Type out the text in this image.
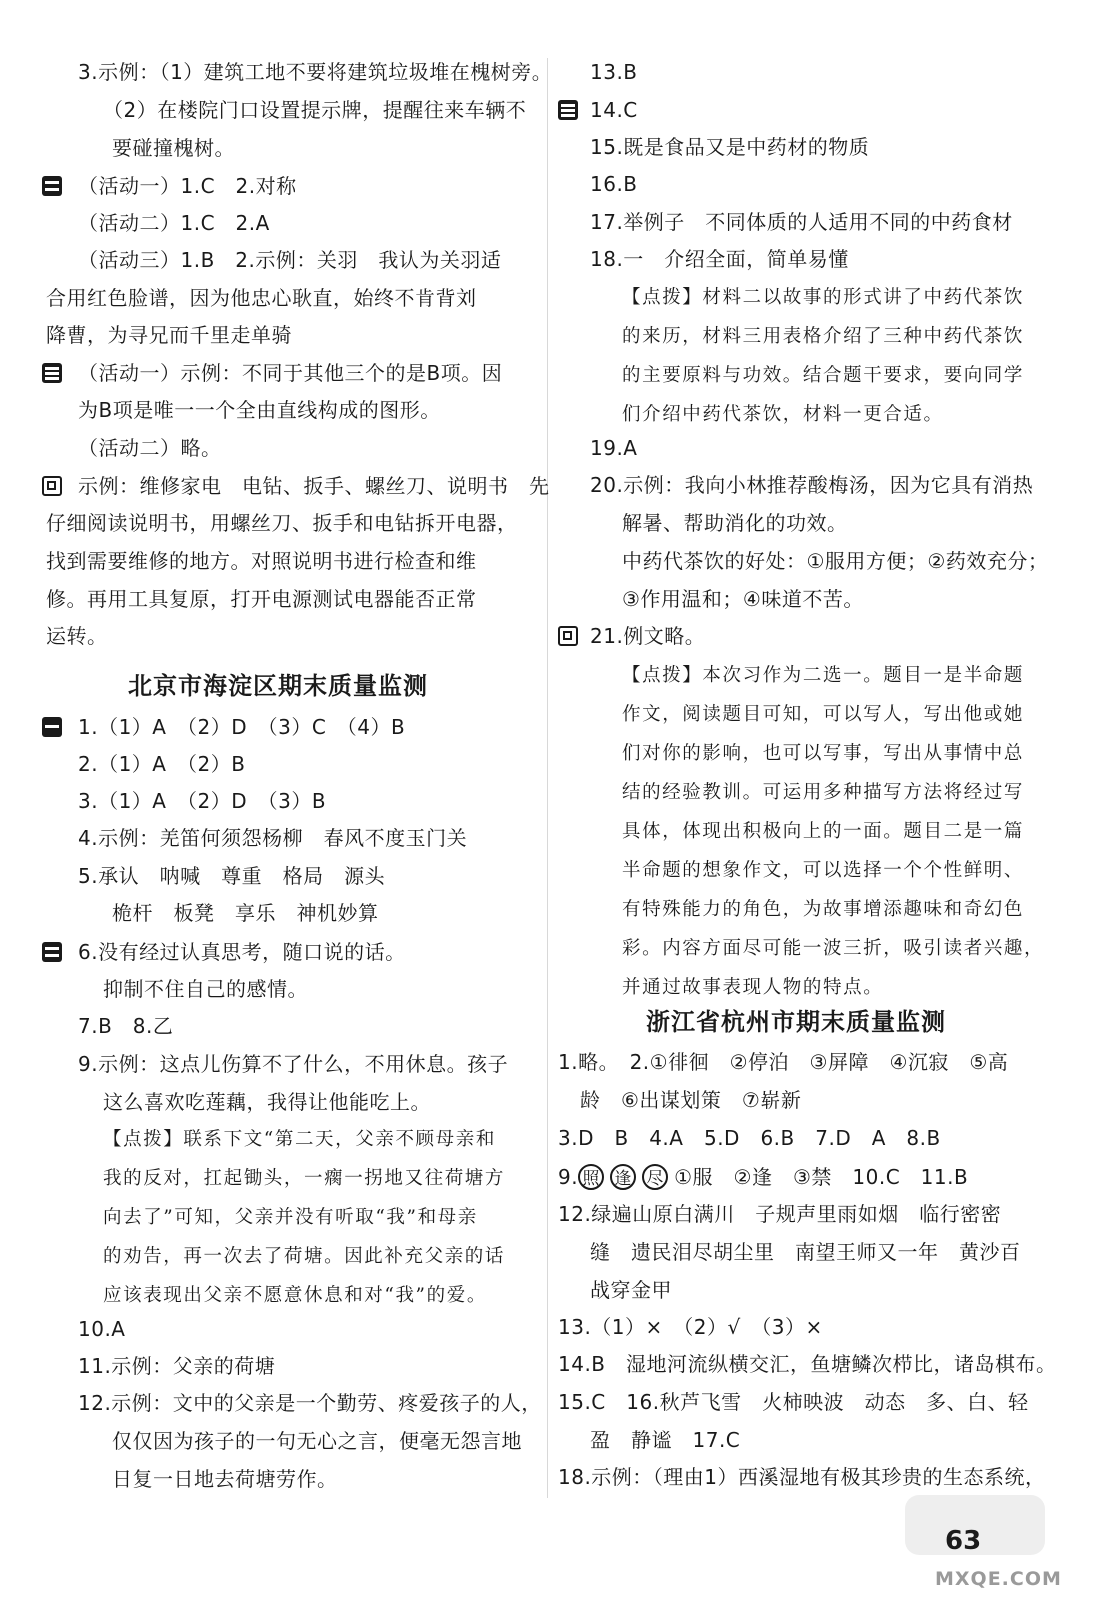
3.示例：（1）建筑工地不要将建筑垃圾堆在槐树旁。
（2）在楼院门口设置提示牌，提醒往来车辆不
要碰撞槐树。
（活动一）1.C　2.对称
（活动二）1.C　2.A
（活动三）1.B　2.示例：关羽　我认为关羽适
合用红色脸谱，因为他忠心耿直，始终不肯背刘
降曹，为寻兄而千里走单骑
（活动一）示例：不同于其他三个的是B项。因
为B项是唯一一个全由直线构成的图形。
（活动二）略。
示例：维修家电　电钻、扳手、螺丝刀、说明书　先
仔细阅读说明书，用螺丝刀、扳手和电钻拆开电器，
找到需要维修的地方。对照说明书进行检查和维
修。再用工具复原，打开电源测试电器能否正常
运转。
北京市海淀区期末质量监测
1.（1）A　（2）D　（3）C　（4）B
2.（1）A　（2）B
3.（1）A　（2）D　（3）B
4.示例：羌笛何须怨杨柳　春风不度玉门关
5.承认　呐喊　尊重　格局　源头
桅杆　板凳　享乐　神机妙算
6.没有经过认真思考，随口说的话。
抑制不住自己的感情。
7.B　8.乙
9.示例：这点儿伤算不了什么，不用休息。孩子
这么喜欢吃莲藕，我得让他能吃上。
【点拨】联系下文“第二天，父亲不顾母亲和
我的反对，扛起锄头，一瘸一拐地又往荷塘方
向去了”可知，父亲并没有听取“我”和母亲
的劝告，再一次去了荷塘。因此补充父亲的话
应该表现出父亲不愿意休息和对“我”的爱。
10.A
11.示例：父亲的荷塘
12.示例：文中的父亲是一个勤劳、疼爱孩子的人，
仅仅因为孩子的一句无心之言，便毫无怨言地
日复一日地去荷塘劳作。
13.B
14.C
15.既是食品又是中药材的物质
16.B
17.举例子　不同体质的人适用不同的中药食材
18.一　介绍全面，简单易懂
【点拨】材料二以故事的形式讲了中药代茶饮
的来历，材料三用表格介绍了三种中药代茶饮
的主要原料与功效。结合题干要求，要向同学
们介绍中药代茶饮，材料一更合适。
19.A
20.示例：我向小林推荐酸梅汤，因为它具有消热
解暑、帮助消化的功效。
中药代茶饮的好处：①服用方便；②药效充分；
③作用温和；④味道不苦。
21.例文略。
【点拨】本次习作为二选一。题目一是半命题
作文，阅读题目可知，可以写人，写出他或她
们对你的影响，也可以写事，写出从事情中总
结的经验教训。可运用多种描写方法将经过写
具体，体现出积极向上的一面。题目二是一篇
半命题的想象作文，可以选择一个个性鲜明、
有特殊能力的角色，为故事增添趣味和奇幻色
彩。内容方面尽可能一波三折，吸引读者兴趣，
并通过故事表现人物的特点。
浙江省杭州市期末质量监测
1.略。　2.①徘徊　②停泊　③屏障　④沉寂　⑤高
龄　⑥出谋划策　⑦崭新
3.D　B　4.A　5.D　6.B　7.D　A　8.B
9. 照 逢 尽 ①服　②逢　③禁　10.C　11.B
12.绿遍山原白满川　子规声里雨如烟　临行密密
缝　遗民泪尽胡尘里　南望王师又一年　黄沙百
战穿金甲
13.（1）×　（2）√　（3）×
14.B　湿地河流纵横交汇，鱼塘鳞次栉比，诸岛棋布。
15.C　16.秋芦飞雪　火柿映波　动态　多、白、轻
盈　静谧　17.C
18.示例：（理由1）西溪湿地有极其珍贵的生态系统，
63
MXQE.COM
